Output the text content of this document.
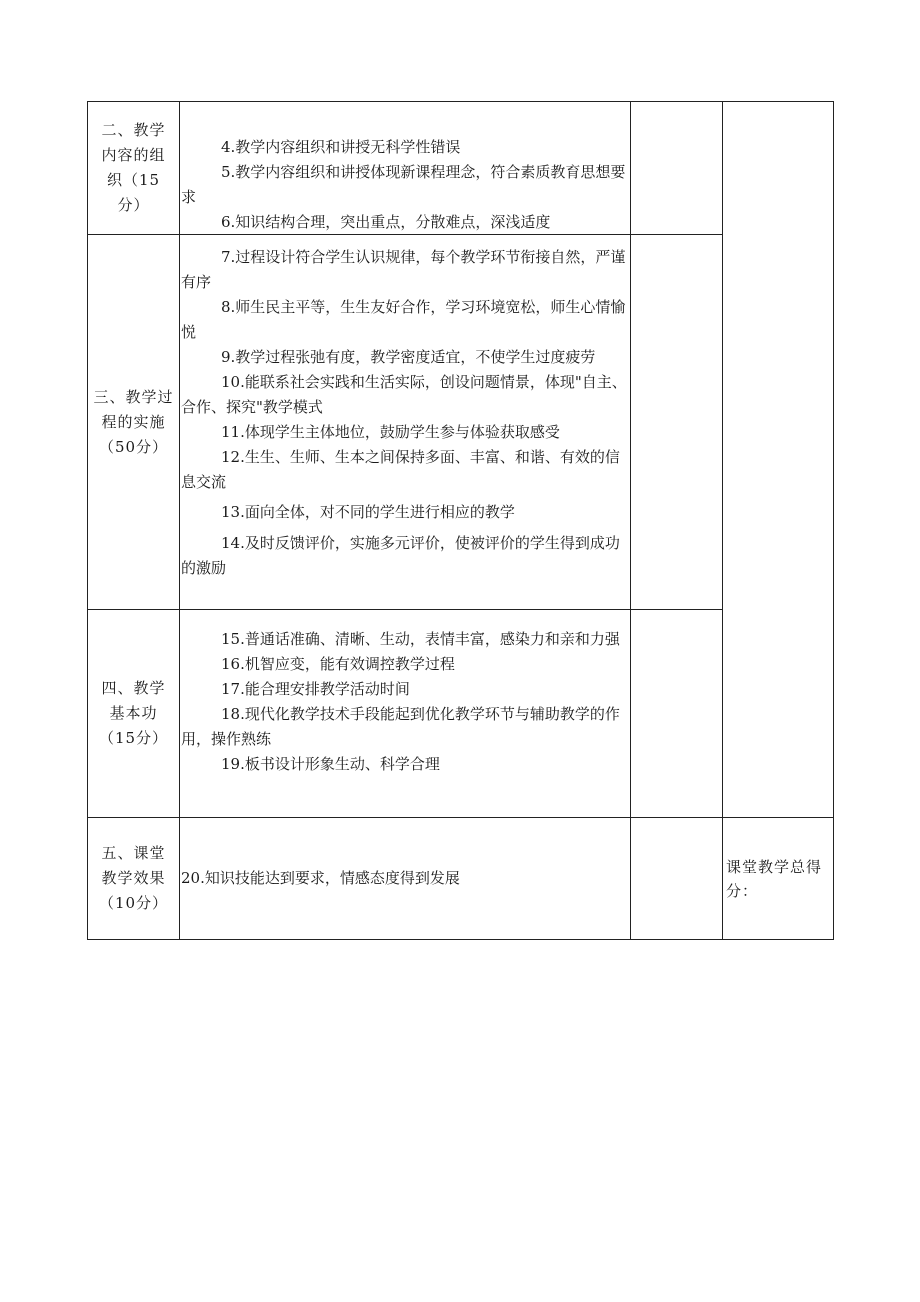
二、教学内容的组织（15分）

4.教学内容组织和讲授无科学性错误

5.教学内容组织和讲授体现新课程理念，符合素质教育思想要求

6.知识结构合理，突出重点，分散难点，深浅适度

三、教学过程的实施（50分）

7.过程设计符合学生认识规律，每个教学环节衔接自然，严谨有序

8.师生民主平等，生生友好合作，学习环境宽松，师生心情愉悦

9.教学过程张弛有度，教学密度适宜，不使学生过度疲劳

10.能联系社会实践和生活实际，创设问题情景，体现"自主、合作、探究"教学模式

11.体现学生主体地位，鼓励学生参与体验获取感受

12.生生、生师、生本之间保持多面、丰富、和谐、有效的信息交流

13.面向全体，对不同的学生进行相应的教学

14.及时反馈评价，实施多元评价，使被评价的学生得到成功的激励

四、教学基本功（15分）

15.普通话准确、清晰、生动，表情丰富，感染力和亲和力强

16.机智应变，能有效调控教学过程

17.能合理安排教学活动时间

18.现代化教学技术手段能起到优化教学环节与辅助教学的作用，操作熟练

19.板书设计形象生动、科学合理

五、课堂教学效果（10分）

20.知识技能达到要求，情感态度得到发展

课堂教学总得分：
